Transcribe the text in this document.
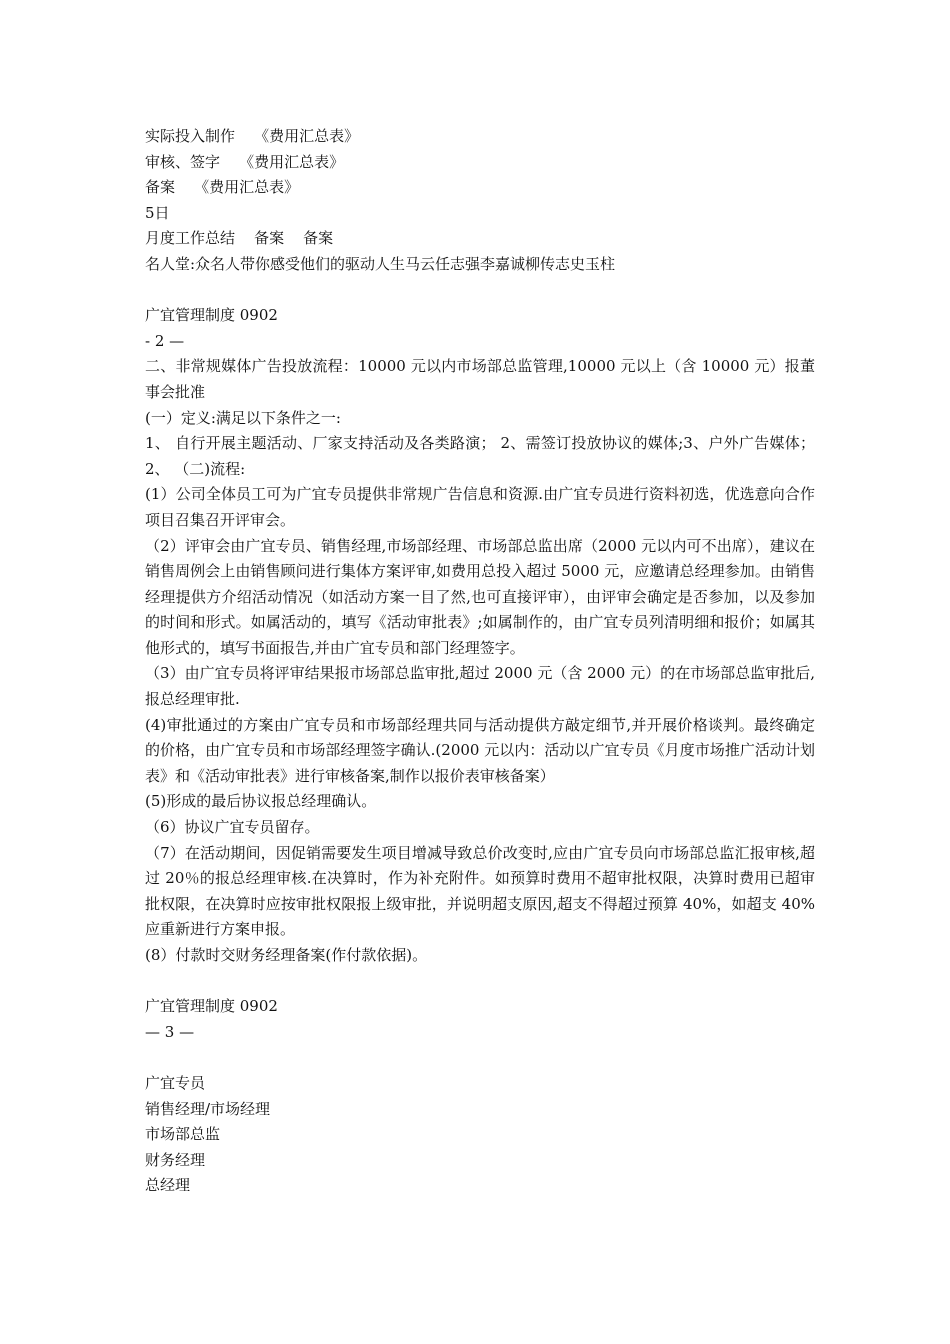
实际投入制作    《费用汇总表》

审核、签字    《费用汇总表》

备案    《费用汇总表》

5日

月度工作总结    备案    备案

名人堂:众名人带你感受他们的驱动人生马云任志强李嘉诚柳传志史玉柱

广宜管理制度 0902

- 2 —

二、非常规媒体广告投放流程：10000 元以内市场部总监管理,10000 元以上（含 10000 元）报董事会批准

(一）定义:满足以下条件之一:

1、 自行开展主题活动、厂家支持活动及各类路演； 2、需签订投放协议的媒体;3、户外广告媒体； 2、 （二)流程:

(1）公司全体员工可为广宜专员提供非常规广告信息和资源.由广宜专员进行资料初选，优选意向合作项目召集召开评审会。

（2）评审会由广宜专员、销售经理,市场部经理、市场部总监出席（2000 元以内可不出席），建议在销售周例会上由销售顾问进行集体方案评审,如费用总投入超过 5000 元，应邀请总经理参加。由销售经理提供方介绍活动情况（如活动方案一目了然,也可直接评审），由评审会确定是否参加，以及参加的时间和形式。如属活动的，填写《活动审批表》;如属制作的，由广宜专员列清明细和报价；如属其他形式的，填写书面报告,并由广宜专员和部门经理签字。

（3）由广宜专员将评审结果报市场部总监审批,超过 2000 元（含 2000 元）的在市场部总监审批后,报总经理审批.

(4)审批通过的方案由广宜专员和市场部经理共同与活动提供方敲定细节,并开展价格谈判。最终确定的价格，由广宜专员和市场部经理签字确认.(2000 元以内：活动以广宜专员《月度市场推广活动计划表》和《活动审批表》进行审核备案,制作以报价表审核备案）

(5)形成的最后协议报总经理确认。

（6）协议广宜专员留存。

（7）在活动期间，因促销需要发生项目增减导致总价改变时,应由广宜专员向市场部总监汇报审核,超过 20％的报总经理审核.在决算时，作为补充附件。如预算时费用不超审批权限，决算时费用已超审批权限，在决算时应按审批权限报上级审批，并说明超支原因,超支不得超过预算 40%，如超支 40%应重新进行方案申报。

(8）付款时交财务经理备案(作付款依据)。

广宜管理制度 0902

— 3 —

广宜专员

销售经理/市场经理

市场部总监

财务经理

总经理
